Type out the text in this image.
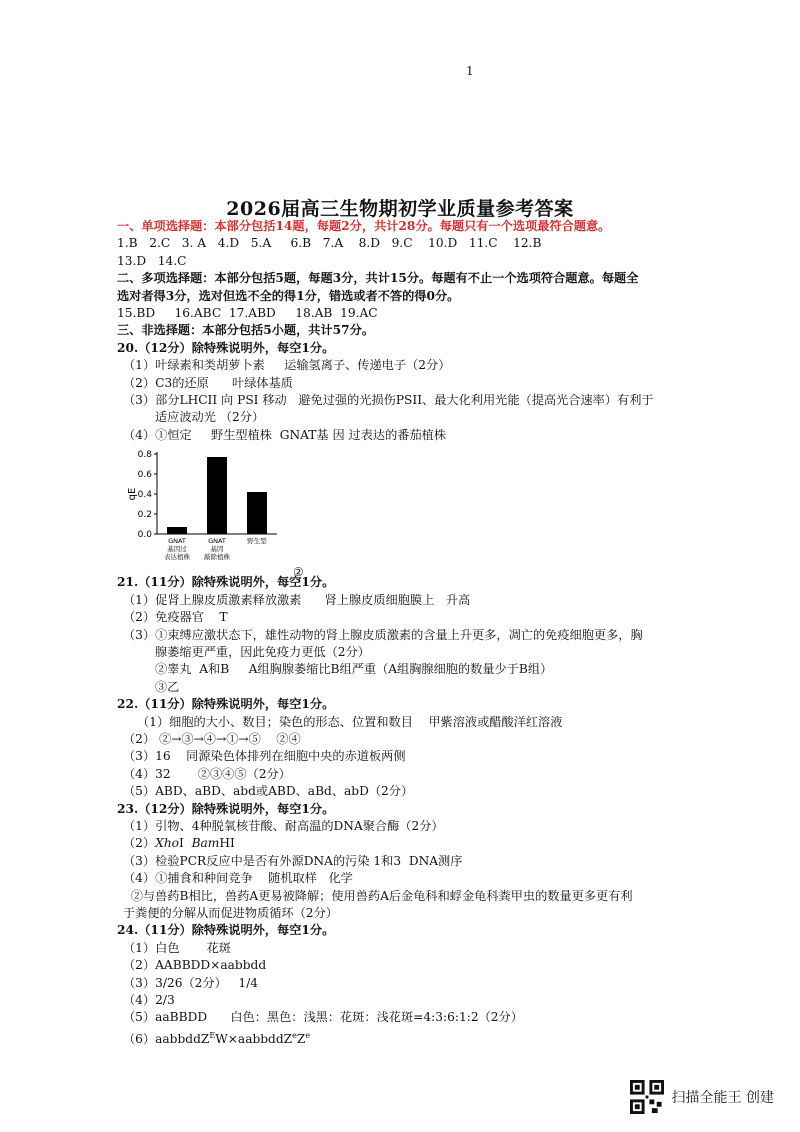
1
2026届高三生物期初学业质量参考答案
一、单项选择题：本部分包括14题，每题2分，共计28分。每题只有一个选项最符合题意。
1.B   2.C   3. A   4.D   5.A     6.B   7.A    8.D   9.C    10.D   11.C    12.B
13.D   14.C
二、多项选择题：本部分包括5题，每题3分，共计15分。每题有不止一个选项符合题意。每题全
选对者得3分，选对但选不全的得1分，错选或者不答的得0分。
15.BD     16.ABC  17.ABD     18.AB  19.AC
三、非选择题：本部分包括5小题，共计57分。
20.（12分）除特殊说明外，每空1分。
（1）叶绿素和类胡萝卜素     运输氢离子、传递电子（2分）
（2）C3的还原      叶绿体基质
（3）部分LHCII 向 PSI 移动   避免过强的光损伤PSII、最大化利用光能（提高光合速率）有利于
适应波动光 （2分）
（4）①恒定     野生型植株  GNAT基 因 过表达的番茄植株
0.0
0.2
0.4
0.6
0.8
qE
GNAT
基因过
表达植株
GNAT
基因
敲除植株
野生型
②
21.（11分）除特殊说明外，每空1分。
（1）促肾上腺皮质激素释放激素      肾上腺皮质细胞膜上   升高
（2）免疫器官    T
（3）①束缚应激状态下，雄性动物的肾上腺皮质激素的含量上升更多，凋亡的免疫细胞更多，胸
腺萎缩更严重，因此免疫力更低（2分）
②睾丸  A和B     A组胸腺萎缩比B组严重（A组胸腺细胞的数量少于B组）
③乙
22.（11分）除特殊说明外，每空1分。
（1）细胞的大小、数目；染色的形态、位置和数目    甲紫溶液或醋酸洋红溶液
（2） ②→③→④→①→⑤    ②④
（3）16    同源染色体排列在细胞中央的赤道板两侧
（4）32       ②③④⑤（2分）
（5）ABD、aBD、abd或ABD、aBd、abD（2分）
23.（12分）除特殊说明外，每空1分。
（1）引物、4种脱氧核苷酸、耐高温的DNA聚合酶（2分）
（2）XhoⅠ  BamHⅠ
（3）检验PCR反应中是否有外源DNA的污染 1和3  DNA测序
（4）①捕食和种间竞争    随机取样   化学
②与兽药B相比，兽药A更易被降解；使用兽药A后金龟科和蜉金龟科粪甲虫的数量更多更有利
于粪便的分解从而促进物质循环（2分）
24.（11分）除特殊说明外，每空1分。
（1）白色       花斑
（2）AABBDD×aabbdd
（3）3/26（2分）   1/4
（4）2/3
（5）aaBBDD      白色：黑色：浅黑：花斑：浅花斑=4:3:6:1:2（2分）
$(6)aabbddZ^EW\times aabbddZ^eZ^e$
扫描全能王 创建
